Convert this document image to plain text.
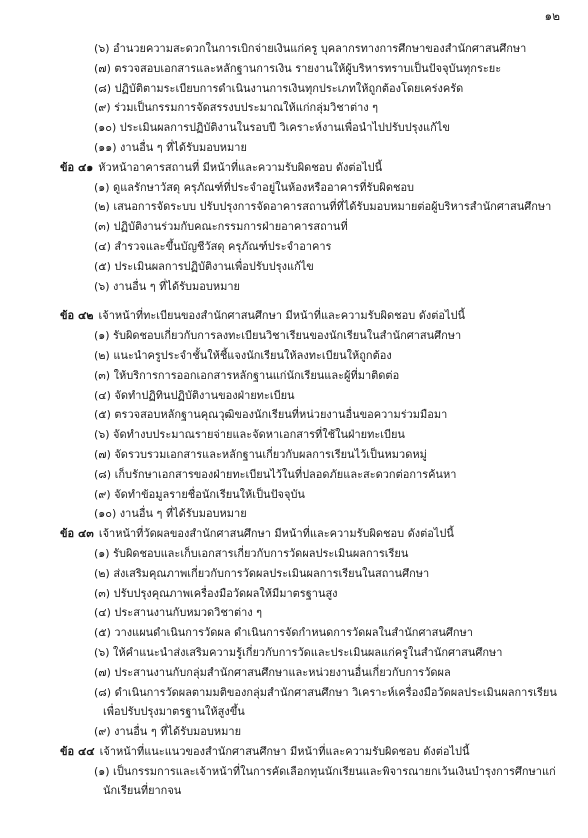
๑๒
(๖) อำนวยความสะดวกในการเบิกจ่ายเงินแก่ครู บุคลากรทางการศึกษาของสำนักศาสนศึกษา
(๗) ตรวจสอบเอกสารและหลักฐานการเงิน รายงานให้ผู้บริหารทราบเป็นปัจจุบันทุกระยะ
(๘) ปฏิบัติตามระเบียบการดำเนินงานการเงินทุกประเภทให้ถูกต้องโดยเคร่งครัด
(๙) ร่วมเป็นกรรมการจัดสรรงบประมาณให้แก่กลุ่มวิชาต่าง ๆ
(๑๐) ประเมินผลการปฏิบัติงานในรอบปี วิเคราะห์งานเพื่อนำไปปรับปรุงแก้ไข
(๑๑) งานอื่น ๆ ที่ได้รับมอบหมาย
ข้อ ๔๑ หัวหน้าอาคารสถานที่ มีหน้าที่และความรับผิดชอบ ดังต่อไปนี้
(๑) ดูแลรักษาวัสดุ ครุภัณฑ์ที่ประจำอยู่ในห้องหรืออาคารที่รับผิดชอบ
(๒) เสนอการจัดระบบ ปรับปรุงการจัดอาคารสถานที่ที่ได้รับมอบหมายต่อผู้บริหารสำนักศาสนศึกษา
(๓) ปฏิบัติงานร่วมกับคณะกรรมการฝ่ายอาคารสถานที่
(๔) สำรวจและขึ้นบัญชีวัสดุ ครุภัณฑ์ประจำอาคาร
(๕) ประเมินผลการปฏิบัติงานเพื่อปรับปรุงแก้ไข
(๖) งานอื่น ๆ ที่ได้รับมอบหมาย
ข้อ ๔๒ เจ้าหน้าที่ทะเบียนของสำนักศาสนศึกษา มีหน้าที่และความรับผิดชอบ ดังต่อไปนี้
(๑) รับผิดชอบเกี่ยวกับการลงทะเบียนวิชาเรียนของนักเรียนในสำนักศาสนศึกษา
(๒) แนะนำครูประจำชั้นให้ชี้แจงนักเรียนให้ลงทะเบียนให้ถูกต้อง
(๓) ให้บริการการออกเอกสารหลักฐานแก่นักเรียนและผู้ที่มาติดต่อ
(๔) จัดทำปฏิทินปฏิบัติงานของฝ่ายทะเบียน
(๕) ตรวจสอบหลักฐานคุณวุฒิของนักเรียนที่หน่วยงานอื่นขอความร่วมมือมา
(๖) จัดทำงบประมาณรายจ่ายและจัดหาเอกสารที่ใช้ในฝ่ายทะเบียน
(๗) จัดรวบรวมเอกสารและหลักฐานเกี่ยวกับผลการเรียนไว้เป็นหมวดหมู่
(๘) เก็บรักษาเอกสารของฝ่ายทะเบียนไว้ในที่ปลอดภัยและสะดวกต่อการค้นหา
(๙) จัดทำข้อมูลรายชื่อนักเรียนให้เป็นปัจจุบัน
(๑๐) งานอื่น ๆ ที่ได้รับมอบหมาย
ข้อ ๔๓ เจ้าหน้าที่วัดผลของสำนักศาสนศึกษา มีหน้าที่และความรับผิดชอบ ดังต่อไปนี้
(๑) รับผิดชอบและเก็บเอกสารเกี่ยวกับการวัดผลประเมินผลการเรียน
(๒) ส่งเสริมคุณภาพเกี่ยวกับการวัดผลประเมินผลการเรียนในสถานศึกษา
(๓) ปรับปรุงคุณภาพเครื่องมือวัดผลให้มีมาตรฐานสูง
(๔) ประสานงานกับหมวดวิชาต่าง ๆ
(๕) วางแผนดำเนินการวัดผล ดำเนินการจัดกำหนดการวัดผลในสำนักศาสนศึกษา
(๖) ให้คำแนะนำส่งเสริมความรู้เกี่ยวกับการวัดและประเมินผลแก่ครูในสำนักศาสนศึกษา
(๗) ประสานงานกับกลุ่มสำนักศาสนศึกษาและหน่วยงานอื่นเกี่ยวกับการวัดผล
(๘) ดำเนินการวัดผลตามมติของกลุ่มสำนักศาสนศึกษา วิเคราะห์เครื่องมือวัดผลประเมินผลการเรียน
เพื่อปรับปรุงมาตรฐานให้สูงขึ้น
(๙) งานอื่น ๆ ที่ได้รับมอบหมาย
ข้อ ๔๔ เจ้าหน้าที่แนะแนวของสำนักศาสนศึกษา มีหน้าที่และความรับผิดชอบ ดังต่อไปนี้
(๑) เป็นกรรมการและเจ้าหน้าที่ในการคัดเลือกทุนนักเรียนและพิจารณายกเว้นเงินบำรุงการศึกษาแก่
นักเรียนที่ยากจน
